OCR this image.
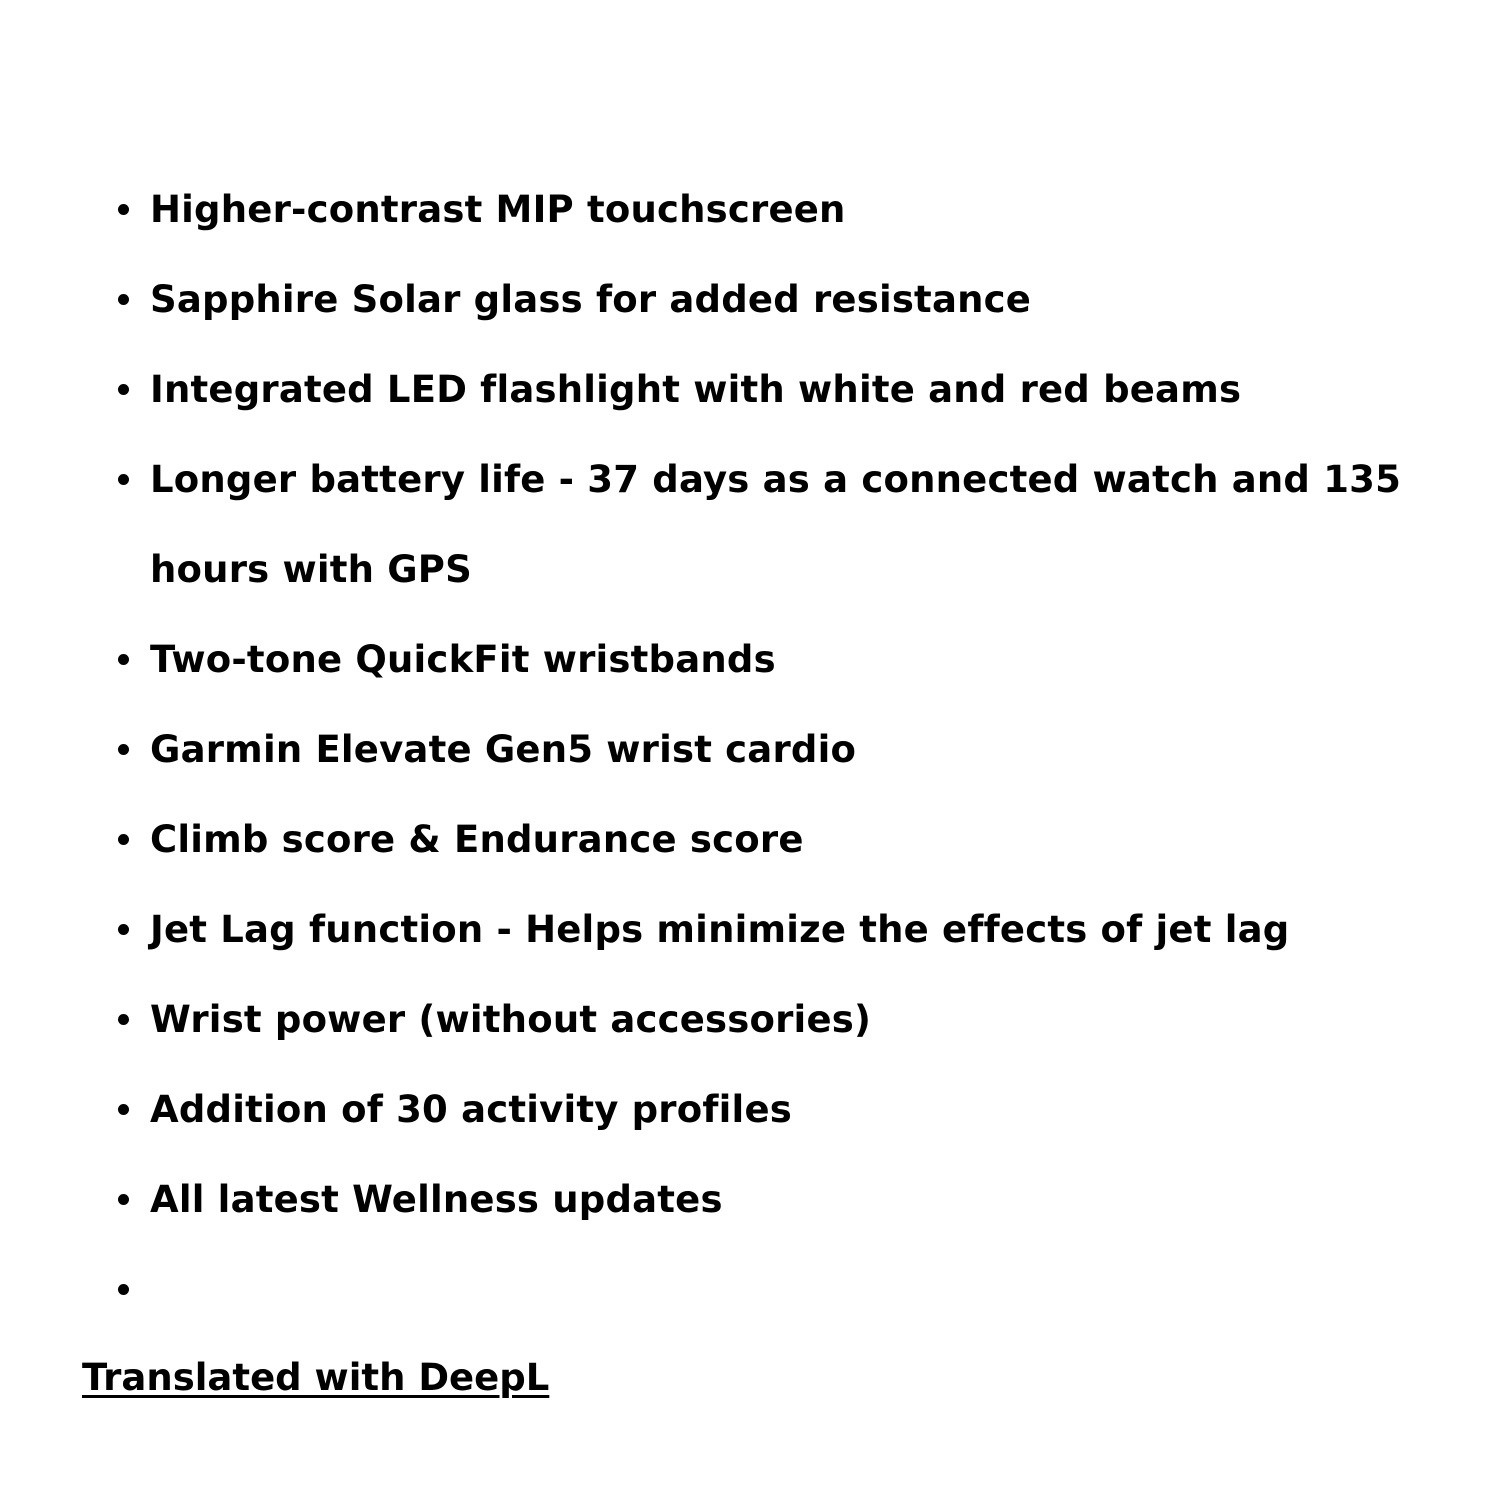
Higher-contrast MIP touchscreen
Sapphire Solar glass for added resistance
Integrated LED flashlight with white and red beams
Longer battery life - 37 days as a connected watch and 135 hours with GPS
Two-tone QuickFit wristbands
Garmin Elevate Gen5 wrist cardio
Climb score & Endurance score
Jet Lag function - Helps minimize the effects of jet lag
Wrist power (without accessories)
Addition of 30 activity profiles
All latest Wellness updates
Translated with DeepL
